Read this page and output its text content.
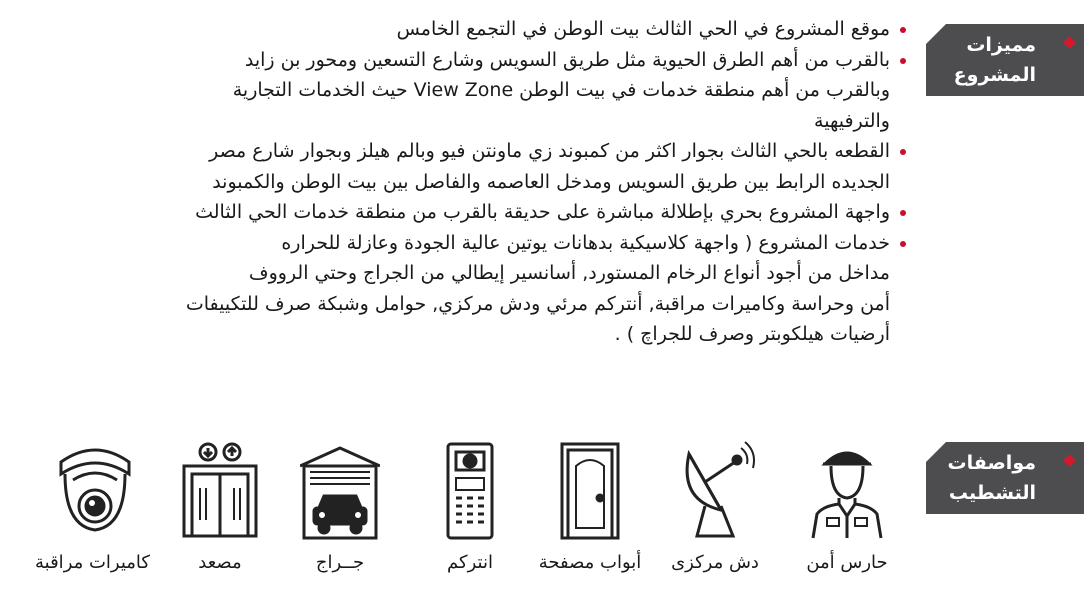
مميزات
المشروع
مواصفات
التشطيب
موقع المشروع في الحي الثالث بيت الوطن في التجمع الخامس
بالقرب من أهم الطرق الحيوية مثل طريق السويس وشارع التسعين ومحور بن زايد
وبالقرب من أهم منطقة خدمات في بيت الوطن View Zone حيث الخدمات التجارية
والترفيهية
القطعه بالحي الثالث بجوار اكثر من كمبوند زي ماونتن فيو وبالم هيلز وبجوار شارع مصر
الجديده الرابط بين طريق السويس ومدخل العاصمه والفاصل بين بيت الوطن والكمبوند
واجهة المشروع بحري بإطلالة مباشرة على حديقة بالقرب من منطقة خدمات الحي الثالث
خدمات المشروع ( واجهة كلاسيكية بدهانات يوتين عالية الجودة وعازلة للحراره
مداخل من أجود أنواع الرخام المستورد, أسانسير إيطالي من الجراج وحتي الرووف
أمن وحراسة وكاميرات مراقبة, أنتركم مرئي ودش مركزي, حوامل وشبكة صرف للتكييفات
أرضيات هيلكوبتر وصرف للجراچ ) .
كاميرات مراقبة	مصعد	جــراج	انتركم	أبواب مصفحة	دش مركزى	حارس أمن
